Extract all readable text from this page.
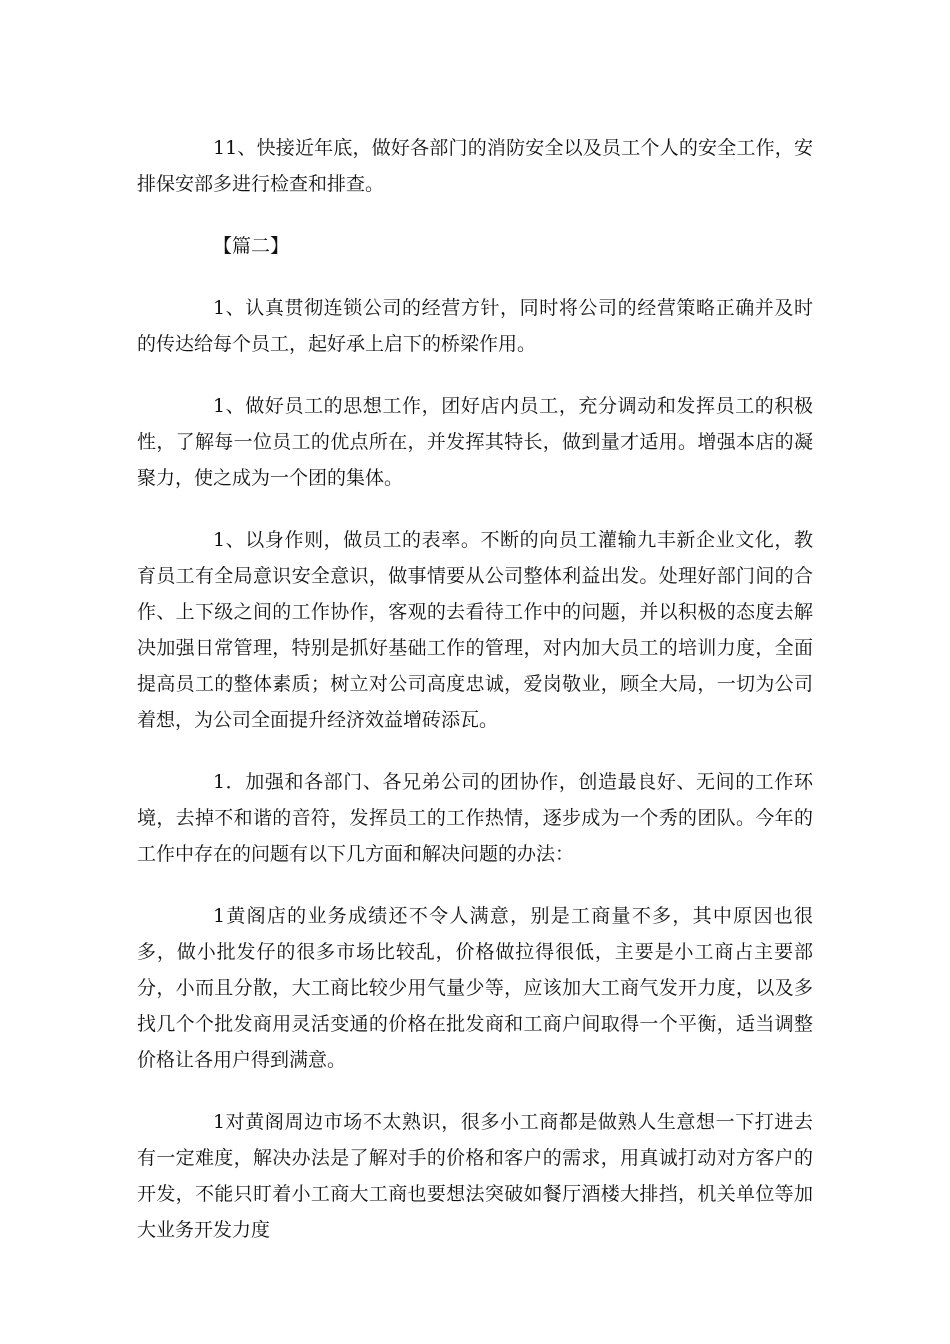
11、快接近年底，做好各部门的消防安全以及员工个人的安全工作，安排保安部多进行检查和排查。

【篇二】

1、认真贯彻连锁公司的经营方针，同时将公司的经营策略正确并及时的传达给每个员工，起好承上启下的桥梁作用。

1、做好员工的思想工作，团好店内员工，充分调动和发挥员工的积极性，了解每一位员工的优点所在，并发挥其特长，做到量才适用。增强本店的凝聚力，使之成为一个团的集体。

1、以身作则，做员工的表率。不断的向员工灌输九丰新企业文化，教育员工有全局意识安全意识，做事情要从公司整体利益出发。处理好部门间的合作、上下级之间的工作协作，客观的去看待工作中的问题，并以积极的态度去解决加强日常管理，特别是抓好基础工作的管理，对内加大员工的培训力度，全面提高员工的整体素质；树立对公司高度忠诚，爱岗敬业，顾全大局，一切为公司着想，为公司全面提升经济效益增砖添瓦。

1．加强和各部门、各兄弟公司的团协作，创造最良好、无间的工作环境，去掉不和谐的音符，发挥员工的工作热情，逐步成为一个秀的团队。今年的工作中存在的问题有以下几方面和解决问题的办法：

1黄阁店的业务成绩还不令人满意，别是工商量不多，其中原因也很多，做小批发仔的很多市场比较乱，价格做拉得很低，主要是小工商占主要部分，小而且分散，大工商比较少用气量少等，应该加大工商气发开力度，以及多找几个个批发商用灵活变通的价格在批发商和工商户间取得一个平衡，适当调整价格让各用户得到满意。

1对黄阁周边市场不太熟识，很多小工商都是做熟人生意想一下打进去有一定难度，解决办法是了解对手的价格和客户的需求，用真诚打动对方客户的开发，不能只盯着小工商大工商也要想法突破如餐厅酒楼大排挡，机关单位等加大业务开发力度
